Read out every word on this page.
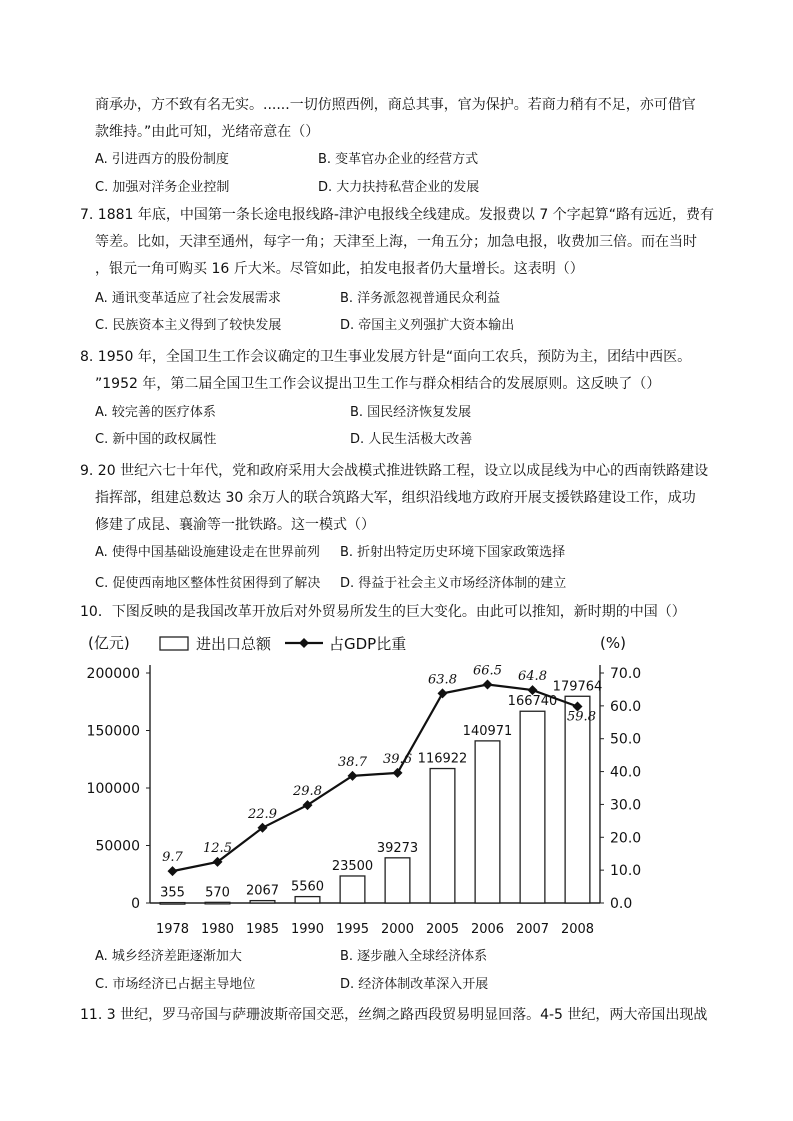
商承办，方不致有名无实。......一切仿照西例，商总其事，官为保护。若商力稍有不足，亦可借官
款维持。”由此可知，光绪帝意在（）
A. 引进西方的股份制度	B. 变革官办企业的经营方式
C. 加强对洋务企业控制	D. 大力扶持私营企业的发展
7. 1881 年底，中国第一条长途电报线路-津沪电报线全线建成。发报费以 7 个字起算“路有远近，费有
等差。比如，天津至通州，每字一角；天津至上海，一角五分；加急电报，收费加三倍。而在当时
，银元一角可购买 16 斤大米。尽管如此，拍发电报者仍大量增长。这表明（）
A. 通讯变革适应了社会发展需求	B. 洋务派忽视普通民众利益
C. 民族资本主义得到了较快发展	D. 帝国主义列强扩大资本输出
8. 1950 年，全国卫生工作会议确定的卫生事业发展方针是“面向工农兵，预防为主，团结中西医。
”1952 年，第二届全国卫生工作会议提出卫生工作与群众相结合的发展原则。这反映了（）
A. 较完善的医疗体系	B. 国民经济恢复发展
C. 新中国的政权属性	D. 人民生活极大改善
9. 20 世纪六七十年代，党和政府采用大会战模式推进铁路工程，设立以成昆线为中心的西南铁路建设
指挥部，组建总数达 30 余万人的联合筑路大军，组织沿线地方政府开展支援铁路建设工作，成功
修建了成昆、襄渝等一批铁路。这一模式（）
A. 使得中国基础设施建设走在世界前列 B. 折射出特定历史环境下国家政策选择
C. 促使西南地区整体性贫困得到了解决 D. 得益于社会主义市场经济体制的建立
10．下图反映的是我国改革开放后对外贸易所发生的巨大变化。由此可以推知，新时期的中国（）
(亿元)	(%)
0
50000
100000
150000
200000
0.0
10.0
20.0
30.0
40.0
50.0
60.0
70.0
1978 1980 1985 1990 1995 2000 2005 2006 2007 2008
355 570 2067 5560
23500
39273
116922
140971
166740
179764
9.7
12.5
22.9
29.8
38.7 39.6
63.8
66.5 64.8
59.8
进出口总额	占GDP比重
A. 城乡经济差距逐渐加大	B. 逐步融入全球经济体系
C. 市场经济已占据主导地位	D. 经济体制改革深入开展
11. 3 世纪，罗马帝国与萨珊波斯帝国交恶，丝绸之路西段贸易明显回落。4-5 世纪，两大帝国出现战
